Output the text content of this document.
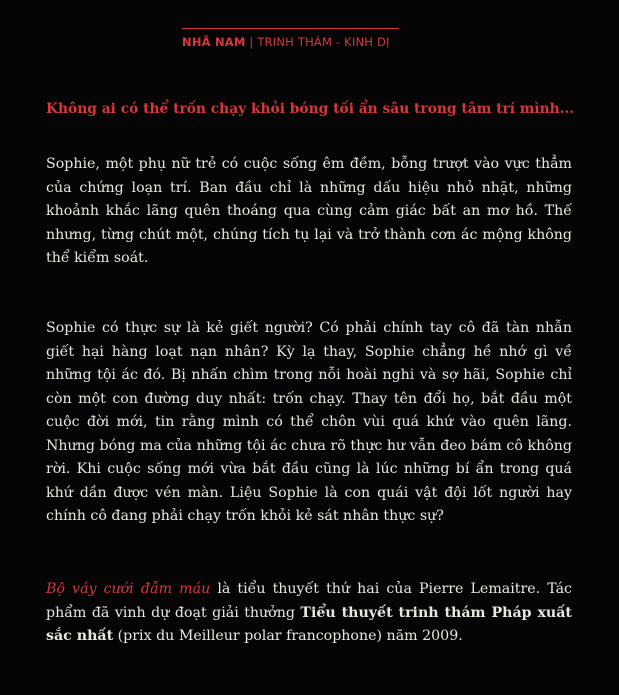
NHÃ NAM | TRINH THÁM - KINH DỊ
Không ai có thể trốn chạy khỏi bóng tối ẩn sâu trong tâm trí mình...

Sophie, một phụ nữ trẻ có cuộc sống êm đềm, bỗng trượt vào vực thẳm của chứng loạn trí. Ban đầu chỉ là những dấu hiệu nhỏ nhặt, những khoảnh khắc lãng quên thoáng qua cùng cảm giác bất an mơ hồ. Thế nhưng, từng chút một, chúng tích tụ lại và trở thành cơn ác mộng không thể kiểm soát.

Sophie có thực sự là kẻ giết người? Có phải chính tay cô đã tàn nhẫn giết hại hàng loạt nạn nhân? Kỳ lạ thay, Sophie chẳng hề nhớ gì về những tội ác đó. Bị nhấn chìm trong nỗi hoài nghi và sợ hãi, Sophie chỉ còn một con đường duy nhất: trốn chạy. Thay tên đổi họ, bắt đầu một cuộc đời mới, tin rằng mình có thể chôn vùi quá khứ vào quên lãng. Nhưng bóng ma của những tội ác chưa rõ thực hư vẫn đeo bám cô không rời. Khi cuộc sống mới vừa bắt đầu cũng là lúc những bí ẩn trong quá khứ dần được vén màn. Liệu Sophie là con quái vật đội lốt người hay chính cô đang phải chạy trốn khỏi kẻ sát nhân thực sự?

Bộ váy cưới đẫm máu là tiểu thuyết thứ hai của Pierre Lemaitre. Tác phẩm đã vinh dự đoạt giải thưởng Tiểu thuyết trinh thám Pháp xuất sắc nhất (prix du Meilleur polar francophone) năm 2009.
